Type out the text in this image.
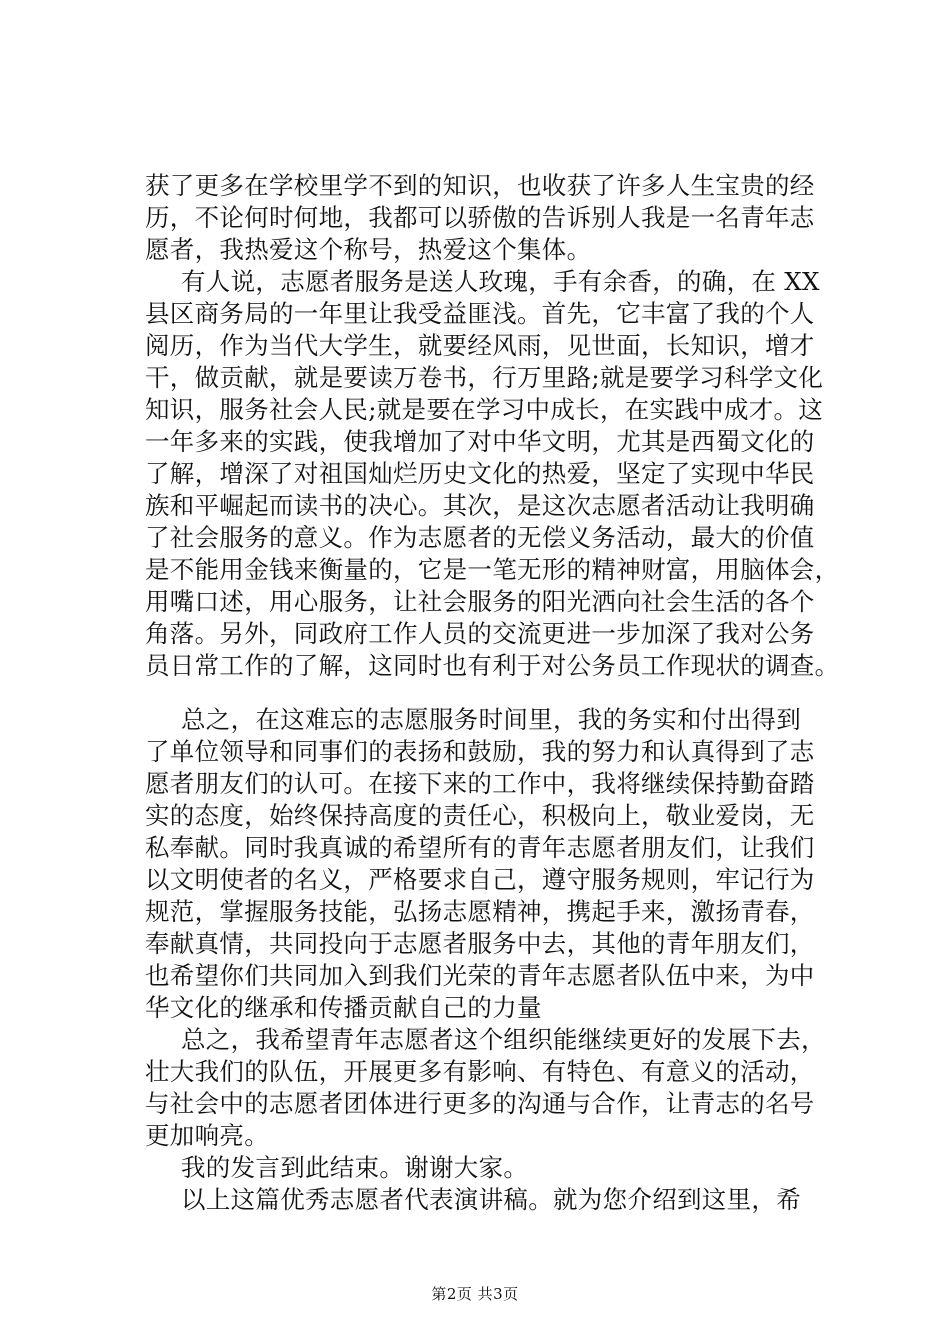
获了更多在学校里学不到的知识，也收获了许多人生宝贵的经
历，不论何时何地，我都可以骄傲的告诉别人我是一名青年志
愿者，我热爱这个称号，热爱这个集体。
有人说，志愿者服务是送人玫瑰，手有余香，的确，在 XX
县区商务局的一年里让我受益匪浅。首先，它丰富了我的个人
阅历，作为当代大学生，就要经风雨，见世面，长知识，增才
干，做贡献，就是要读万卷书，行万里路;就是要学习科学文化
知识，服务社会人民;就是要在学习中成长，在实践中成才。这
一年多来的实践，使我增加了对中华文明，尤其是西蜀文化的
了解，增深了对祖国灿烂历史文化的热爱，坚定了实现中华民
族和平崛起而读书的决心。其次，是这次志愿者活动让我明确
了社会服务的意义。作为志愿者的无偿义务活动，最大的价值
是不能用金钱来衡量的，它是一笔无形的精神财富，用脑体会，
用嘴口述，用心服务，让社会服务的阳光洒向社会生活的各个
角落。另外，同政府工作人员的交流更进一步加深了我对公务
员日常工作的了解，这同时也有利于对公务员工作现状的调查。
总之，在这难忘的志愿服务时间里，我的务实和付出得到
了单位领导和同事们的表扬和鼓励，我的努力和认真得到了志
愿者朋友们的认可。在接下来的工作中，我将继续保持勤奋踏
实的态度，始终保持高度的责任心，积极向上，敬业爱岗，无
私奉献。同时我真诚的希望所有的青年志愿者朋友们，让我们
以文明使者的名义，严格要求自己，遵守服务规则，牢记行为
规范，掌握服务技能，弘扬志愿精神，携起手来，激扬青春，
奉献真情，共同投向于志愿者服务中去，其他的青年朋友们，
也希望你们共同加入到我们光荣的青年志愿者队伍中来，为中
华文化的继承和传播贡献自己的力量
总之，我希望青年志愿者这个组织能继续更好的发展下去，
壮大我们的队伍，开展更多有影响、有特色、有意义的活动，
与社会中的志愿者团体进行更多的沟通与合作，让青志的名号
更加响亮。
我的发言到此结束。谢谢大家。
以上这篇优秀志愿者代表演讲稿。就为您介绍到这里，希
第2页 共3页
